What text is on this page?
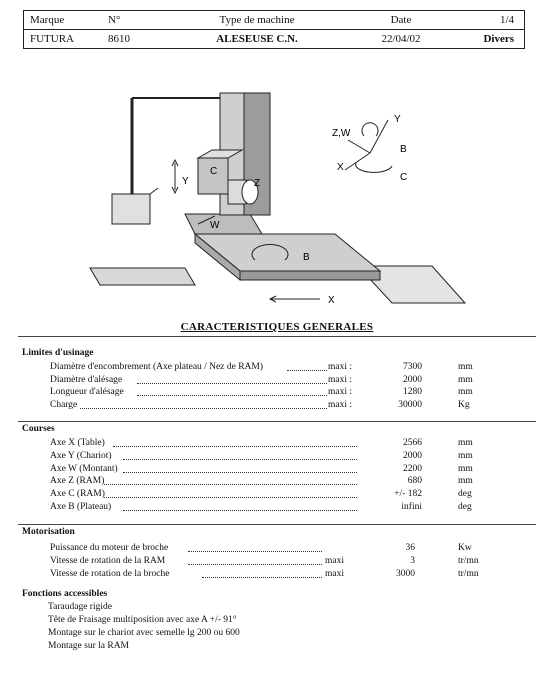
Marque	N°	Type de machine	Date	1/4
FUTURA	8610	ALESEUSE C.N.	22/04/02	Divers
Y
C
Z
W
B
X
Y
Z,W
X
B
C
CARACTERISTIQUES GENERALES
Limites d'usinage
Diamètre d'encombrement (Axe plateau / Nez de RAM)	maxi :	7300	mm
Diamètre d'alésage	maxi :	2000	mm
Longueur d'alésage	maxi :	1280	mm
Charge	maxi :	30000	Kg
Courses
Axe X (Table)	2566	mm
Axe Y (Chariot)	2000	mm
Axe W (Montant)	2200	mm
Axe Z (RAM)	680	mm
Axe C (RAM)	+/- 182	deg
Axe B (Plateau)	infini	deg
Motorisation
Puissance du moteur de broche	36	Kw
Vitesse de rotation de la RAM	maxi	3	tr/mn
Vitesse de rotation de la broche	maxi	3000	tr/mn
Fonctions accessibles
Taraudage rigide
Tête de Fraisage multiposition avec axe A +/- 91°
Montage sur le chariot avec semelle lg 200 ou 600
Montage sur la RAM
